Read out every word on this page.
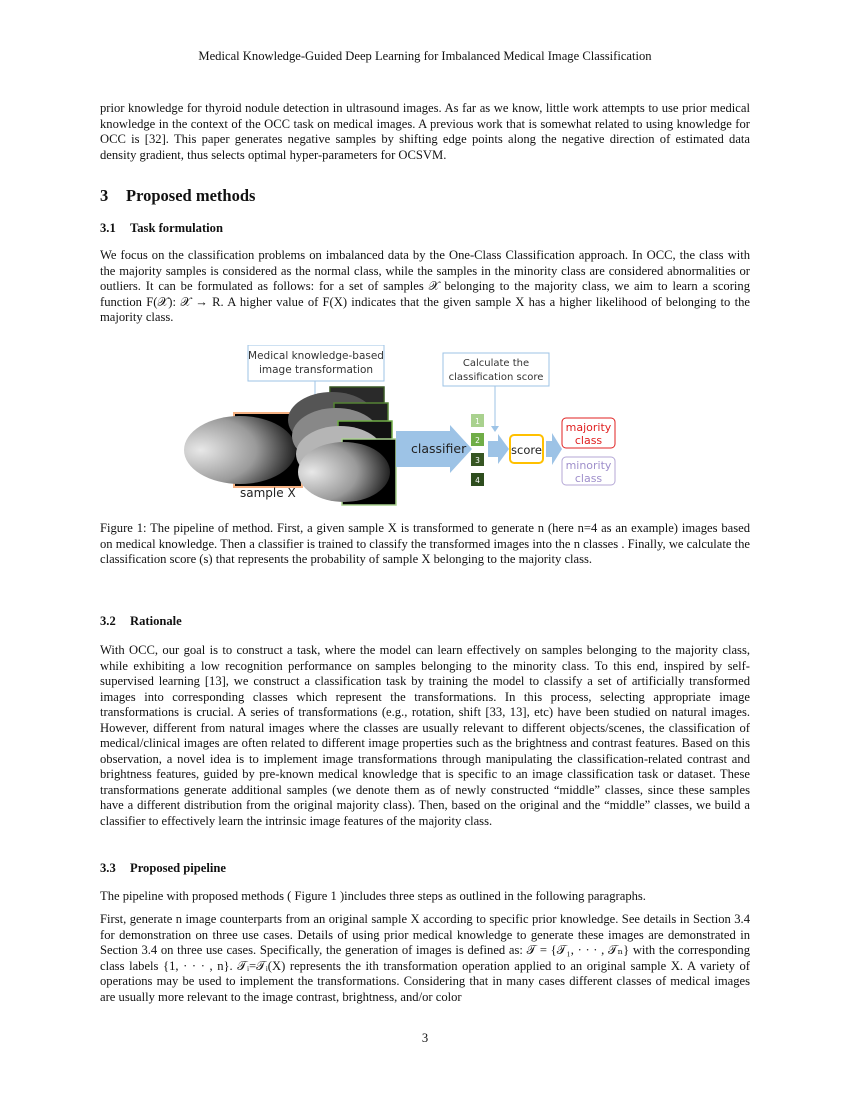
Medical Knowledge-Guided Deep Learning for Imbalanced Medical Image Classification

prior knowledge for thyroid nodule detection in ultrasound images. As far as we know, little work attempts to use prior medical knowledge in the context of the OCC task on medical images. A previous work that is somewhat related to using knowledge for OCC is [32]. This paper generates negative samples by shifting edge points along the negative direction of estimated data density gradient, thus selects optimal hyper-parameters for OCSVM.

3 Proposed methods
3.1 Task formulation

We focus on the classification problems on imbalanced data by the One-Class Classification approach. In OCC, the class with the majority samples is considered as the normal class, while the samples in the minority class are considered abnormalities or outliers. It can be formulated as follows: for a set of samples 𝒳 belonging to the majority class, we aim to learn a scoring function F(𝒳): 𝒳 → R. A higher value of F(X) indicates that the given sample X has a higher likelihood of belonging to the majority class.

Medical knowledge-based
image transformation
Calculate the
classification score
sample X
classifier
1
2
3
4
score
majority
class
minority
class

Figure 1: The pipeline of method. First, a given sample X is transformed to generate n (here n=4 as an example) images based on medical knowledge. Then a classifier is trained to classify the transformed images into the n classes . Finally, we calculate the classification score (s) that represents the probability of sample X belonging to the majority class.

3.2 Rationale

With OCC, our goal is to construct a task, where the model can learn effectively on samples belonging to the majority class, while exhibiting a low recognition performance on samples belonging to the minority class. To this end, inspired by self-supervised learning [13], we construct a classification task by training the model to classify a set of artificially transformed images into corresponding classes which represent the transformations. In this process, selecting appropriate image transformations is crucial. A series of transformations (e.g., rotation, shift [33, 13], etc) have been studied on natural images. However, different from natural images where the classes are usually relevant to different objects/scenes, the classification of medical/clinical images are often related to different image properties such as the brightness and contrast features. Based on this observation, a novel idea is to implement image transformations through manipulating the classification-related contrast and brightness features, guided by pre-known medical knowledge that is specific to an image classification task or dataset. These transformations generate additional samples (we denote them as of newly constructed “middle” classes, since these samples have a different distribution from the original majority class). Then, based on the original and the “middle” classes, we build a classifier to effectively learn the intrinsic image features of the majority class.

3.3 Proposed pipeline

The pipeline with proposed methods ( Figure 1 )includes three steps as outlined in the following paragraphs.

First, generate n image counterparts from an original sample X according to specific prior knowledge. See details in Section 3.4 for demonstration on three use cases. Details of using prior medical knowledge to generate these images are demonstrated in Section 3.4 on three use cases. Specifically, the generation of images is defined as: 𝒯 = {𝒯₁, · · · , 𝒯ₙ} with the corresponding class labels {1, · · · , n}. 𝒯ᵢ=𝒯ᵢ(X) represents the ith transformation operation applied to an original sample X. A variety of operations may be used to implement the transformations. Considering that in many cases different classes of medical images are usually more relevant to the image contrast, brightness, and/or color

3
